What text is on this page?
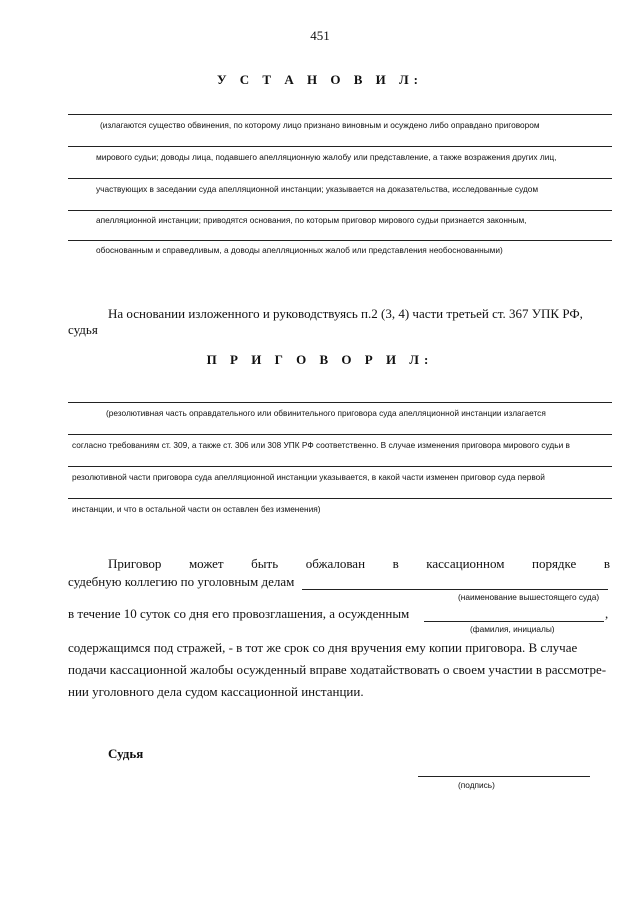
451
У С Т А Н О В И Л:
(излагаются существо обвинения, по которому лицо признано виновным и осуждено либо оправдано приговором
мирового судьи; доводы лица, подавшего апелляционную жалобу или представление, а также возражения других лиц,
участвующих в заседании суда апелляционной инстанции; указывается на доказательства, исследованные судом
апелляционной инстанции; приводятся основания, по которым приговор мирового судьи признается законным,
обоснованным и справедливым, а доводы апелляционных жалоб или представления необоснованными)
На основании изложенного и руководствуясь п.2 (3, 4) части третьей ст. 367 УПК РФ,
судья
П Р И Г О В О Р И Л:
(резолютивная часть оправдательного или обвинительного приговора суда апелляционной инстанции излагается
согласно требованиям ст. 309, а также ст. 306 или 308 УПК РФ соответственно. В случае изменения приговора мирового судьи в
резолютивной части приговора суда апелляционной инстанции указывается, в какой части изменен приговор суда первой
инстанции, и что в остальной части он оставлен без изменения)
Приговор может быть обжалован в кассационном порядке в
судебную коллегию по уголовным делам
(наименование вышестоящего суда)
в течение 10 суток со дня его провозглашения, а осужденным	,
(фамилия, инициалы)
содержащимся под стражей, - в тот же срок со дня вручения ему копии приговора. В случае
подачи кассационной жалобы осужденный вправе ходатайствовать о своем участии в рассмотре-
нии уголовного дела судом кассационной инстанции.
Судья
(подпись)
